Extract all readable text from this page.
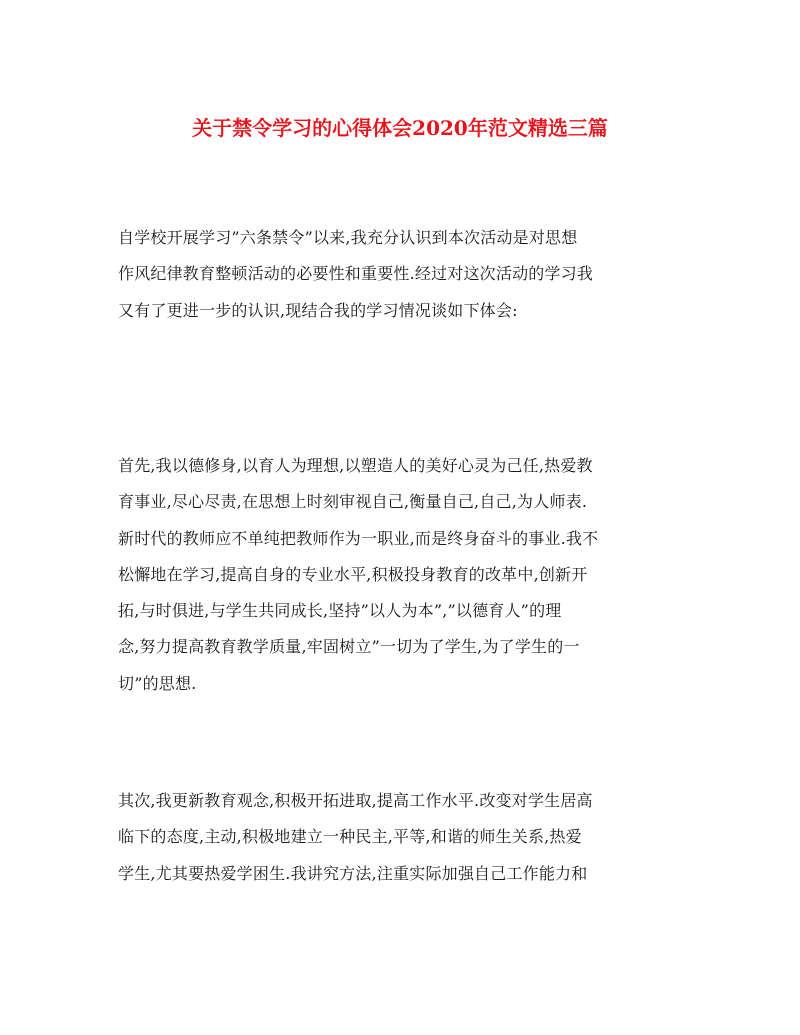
关于禁令学习的心得体会2020年范文精选三篇
自学校开展学习”六条禁令”以来,我充分认识到本次活动是对思想
作风纪律教育整顿活动的必要性和重要性.经过对这次活动的学习我
又有了更进一步的认识,现结合我的学习情况谈如下体会:
首先,我以德修身,以育人为理想,以塑造人的美好心灵为己任,热爱教
育事业,尽心尽责,在思想上时刻审视自己,衡量自己,自己,为人师表.
新时代的教师应不单纯把教师作为一职业,而是终身奋斗的事业.我不
松懈地在学习,提高自身的专业水平,积极投身教育的改革中,创新开
拓,与时俱进,与学生共同成长,坚持”以人为本”,”以德育人”的理
念,努力提高教育教学质量,牢固树立”一切为了学生,为了学生的一
切”的思想.
其次,我更新教育观念,积极开拓进取,提高工作水平.改变对学生居高
临下的态度,主动,积极地建立一种民主,平等,和谐的师生关系,热爱
学生,尤其要热爱学困生.我讲究方法,注重实际加强自己工作能力和
